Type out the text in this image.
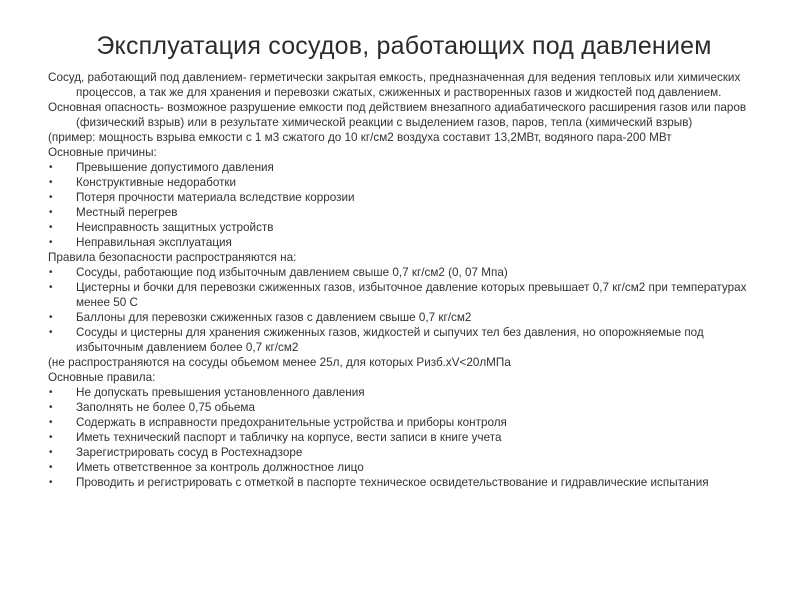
Эксплуатация сосудов, работающих под давлением

Сосуд, работающий под давлением- герметически закрытая емкость, предназначенная для ведения тепловых или химических процессов, а так же для хранения и перевозки сжатых, сжиженных и растворенных газов и жидкостей под давлением.

Основная опасность- возможное разрушение емкости под действием внезапного адиабатического расширения газов или паров (физический взрыв) или в результате химической реакции с выделением газов, паров, тепла (химический взрыв)

(пример: мощность взрыва емкости с 1 м3 сжатого до 10 кг/см2 воздуха составит 13,2МВт, водяного пара-200 МВт

Основные причины:

• Превышение допустимого давления
• Конструктивные недоработки
• Потеря прочности материала вследствие коррозии
• Местный перегрев
• Неисправность защитных устройств
• Неправильная эксплуатация

Правила безопасности распространяются на:

• Сосуды, работающие под избыточным давлением свыше 0,7 кг/см2 (0, 07 Мпа)
• Цистерны и бочки для перевозки сжиженных газов, избыточное давление которых превышает 0,7 кг/см2 при температурах менее 50 С
• Баллоны для перевозки сжиженных газов с давлением свыше 0,7 кг/см2
• Сосуды и цистерны для хранения сжиженных газов, жидкостей и сыпучих тел без давления, но опорожняемые под избыточным давлением более 0,7 кг/см2

(не распространяются на сосуды обьемом менее 25л, для которых Pизб.xV<20лМПа

Основные правила:

• Не допускать превышения установленного давления
• Заполнять не более 0,75 обьема
• Содержать в исправности предохранительные устройства и приборы контроля
• Иметь технический паспорт и табличку на корпусе, вести записи в книге учета
• Зарегистрировать сосуд в Ростехнадзоре
• Иметь ответственное за контроль должностное лицо
• Проводить и регистрировать с отметкой в паспорте техническое освидетельствование и гидравлические испытания
